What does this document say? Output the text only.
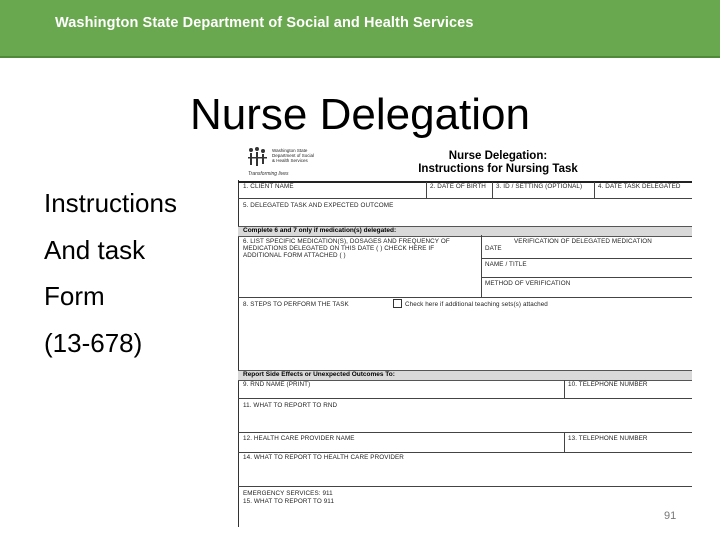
Washington State Department of Social and Health Services
Nurse Delegation
Instructions
And task
Form
(13-678)
Washington State
Department of Social
& Health Services
Transforming lives
Nurse Delegation:
Instructions for Nursing Task
1. CLIENT NAME	2. DATE OF BIRTH 3. ID / SETTING (OPTIONAL)	4. DATE TASK DELEGATED
5. DELEGATED TASK AND EXPECTED OUTCOME
Complete 6 and 7 only if medication(s) delegated:
6. LIST SPECIFIC MEDICATION(S), DOSAGES AND FREQUENCY OF
MEDICATIONS DELEGATED ON THIS DATE ( ) CHECK HERE IF
ADDITIONAL FORM ATTACHED ( )
VERIFICATION OF DELEGATED MEDICATION
DATE
NAME / TITLE
METHOD OF VERIFICATION
8. STEPS TO PERFORM THE TASK	Check here if additional teaching sets(s) attached
Report Side Effects or Unexpected Outcomes To:
9. RND NAME (PRINT)	10. TELEPHONE NUMBER
11. WHAT TO REPORT TO RND
12. HEALTH CARE PROVIDER NAME	13. TELEPHONE NUMBER
14. WHAT TO REPORT TO HEALTH CARE PROVIDER
EMERGENCY SERVICES: 911
15. WHAT TO REPORT TO 911
91
